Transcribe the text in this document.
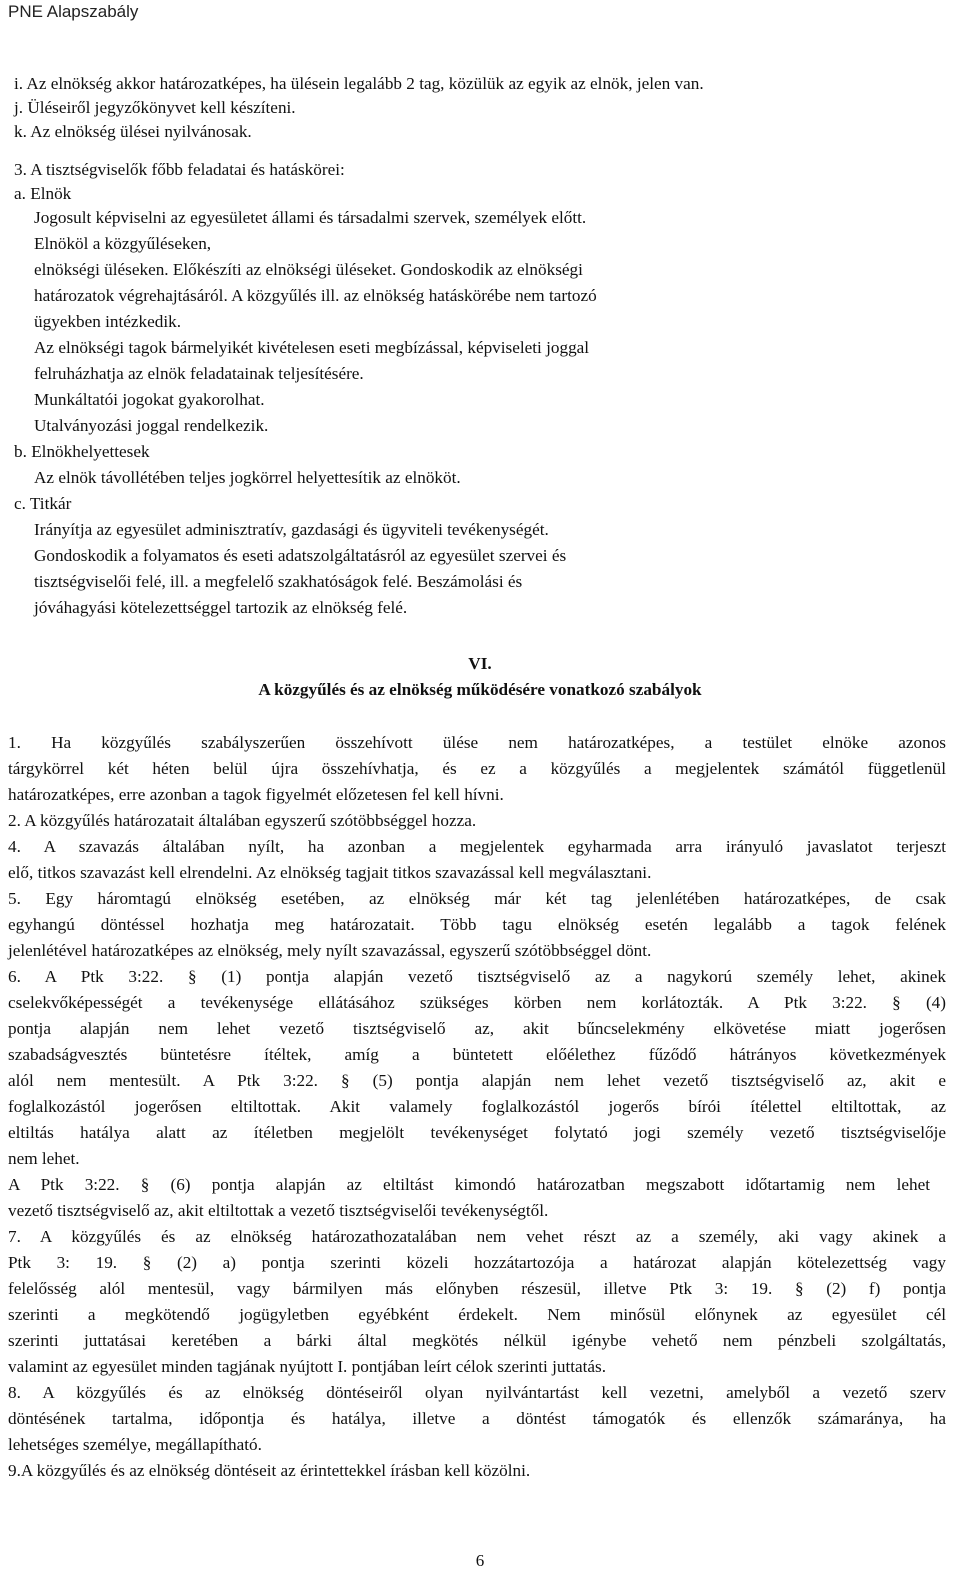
PNE Alapszabály
i. Az elnökség akkor határozatképes, ha ülésein legalább 2 tag, közülük az egyik az elnök, jelen van.
j. Üléseiről jegyzőkönyvet kell készíteni.
k. Az elnökség ülései nyilvánosak.
3. A tisztségviselők főbb feladatai és hatáskörei:
a. Elnök
Jogosult képviselni az egyesületet állami és társadalmi szervek, személyek előtt.
Elnököl a közgyűléseken,
elnökségi üléseken. Előkészíti az elnökségi üléseket. Gondoskodik az elnökségi
határozatok végrehajtásáról. A közgyűlés ill. az elnökség hatáskörébe nem tartozó
ügyekben intézkedik.
Az elnökségi tagok bármelyikét kivételesen eseti megbízással, képviseleti joggal
felruházhatja az elnök feladatainak teljesítésére.
Munkáltatói jogokat gyakorolhat.
Utalványozási joggal rendelkezik.
b. Elnökhelyettesek
Az elnök távollétében teljes jogkörrel helyettesítik az elnököt.
c. Titkár
Irányítja az egyesület adminisztratív, gazdasági és ügyviteli tevékenységét.
Gondoskodik a folyamatos és eseti adatszolgáltatásról az egyesület szervei és
tisztségviselői felé, ill. a megfelelő szakhatóságok felé. Beszámolási és
jóváhagyási kötelezettséggel tartozik az elnökség felé.
VI.
A közgyűlés és az elnökség működésére vonatkozó szabályok
1. Ha közgyűlés szabályszerűen összehívott ülése nem határozatképes, a testület elnöke azonos
tárgykörrel két héten belül újra összehívhatja, és ez a közgyűlés a megjelentek számától függetlenül
határozatképes, erre azonban a tagok figyelmét előzetesen fel kell hívni.
2. A közgyűlés határozatait általában egyszerű szótöbbséggel hozza.
4. A szavazás általában nyílt, ha azonban a megjelentek egyharmada arra irányuló javaslatot terjeszt
elő, titkos szavazást kell elrendelni. Az elnökség tagjait titkos szavazással kell megválasztani.
5. Egy háromtagú elnökség esetében, az elnökség már két tag jelenlétében határozatképes, de csak
egyhangú döntéssel hozhatja meg határozatait. Több tagu elnökség esetén legalább a tagok felének
jelenlétével határozatképes az elnökség, mely nyílt szavazással, egyszerű szótöbbséggel dönt.
6. A Ptk 3:22. § (1) pontja alapján vezető tisztségviselő az a nagykorú személy lehet, akinek
cselekvőképességét a tevékenysége ellátásához szükséges körben nem korlátozták. A Ptk 3:22. § (4)
pontja alapján nem lehet vezető tisztségviselő az, akit bűncselekmény elkövetése miatt jogerősen
szabadságvesztés büntetésre ítéltek, amíg a büntetett előélethez fűződő hátrányos következmények
alól nem mentesült. A Ptk 3:22. § (5) pontja alapján nem lehet vezető tisztségviselő az, akit e
foglalkozástól jogerősen eltiltottak. Akit valamely foglalkozástól jogerős bírói ítélettel eltiltottak, az
eltiltás hatálya alatt az ítéletben megjelölt tevékenységet folytató jogi személy vezető tisztségviselője
nem lehet.
A Ptk 3:22. § (6) pontja alapján az eltiltást kimondó határozatban megszabott időtartamig nem lehet
vezető tisztségviselő az, akit eltiltottak a vezető tisztségviselői tevékenységtől.
7. A közgyűlés és az elnökség határozathozatalában nem vehet részt az a személy, aki vagy akinek a
Ptk 3: 19. § (2) a) pontja szerinti közeli hozzátartozója a határozat alapján kötelezettség vagy
felelősség alól mentesül, vagy bármilyen más előnyben részesül, illetve Ptk 3: 19. § (2) f) pontja
szerinti a megkötendő jogügyletben egyébként érdekelt. Nem minősül előnynek az egyesület cél
szerinti juttatásai keretében a bárki által megkötés nélkül igénybe vehető nem pénzbeli szolgáltatás,
valamint az egyesület minden tagjának nyújtott I. pontjában leírt célok szerinti juttatás.
8. A közgyűlés és az elnökség döntéseiről olyan nyilvántartást kell vezetni, amelyből a vezető szerv
döntésének tartalma, időpontja és hatálya, illetve a döntést támogatók és ellenzők számaránya, ha
lehetséges személye, megállapítható.
9.A közgyűlés és az elnökség döntéseit az érintettekkel írásban kell közölni.
6
